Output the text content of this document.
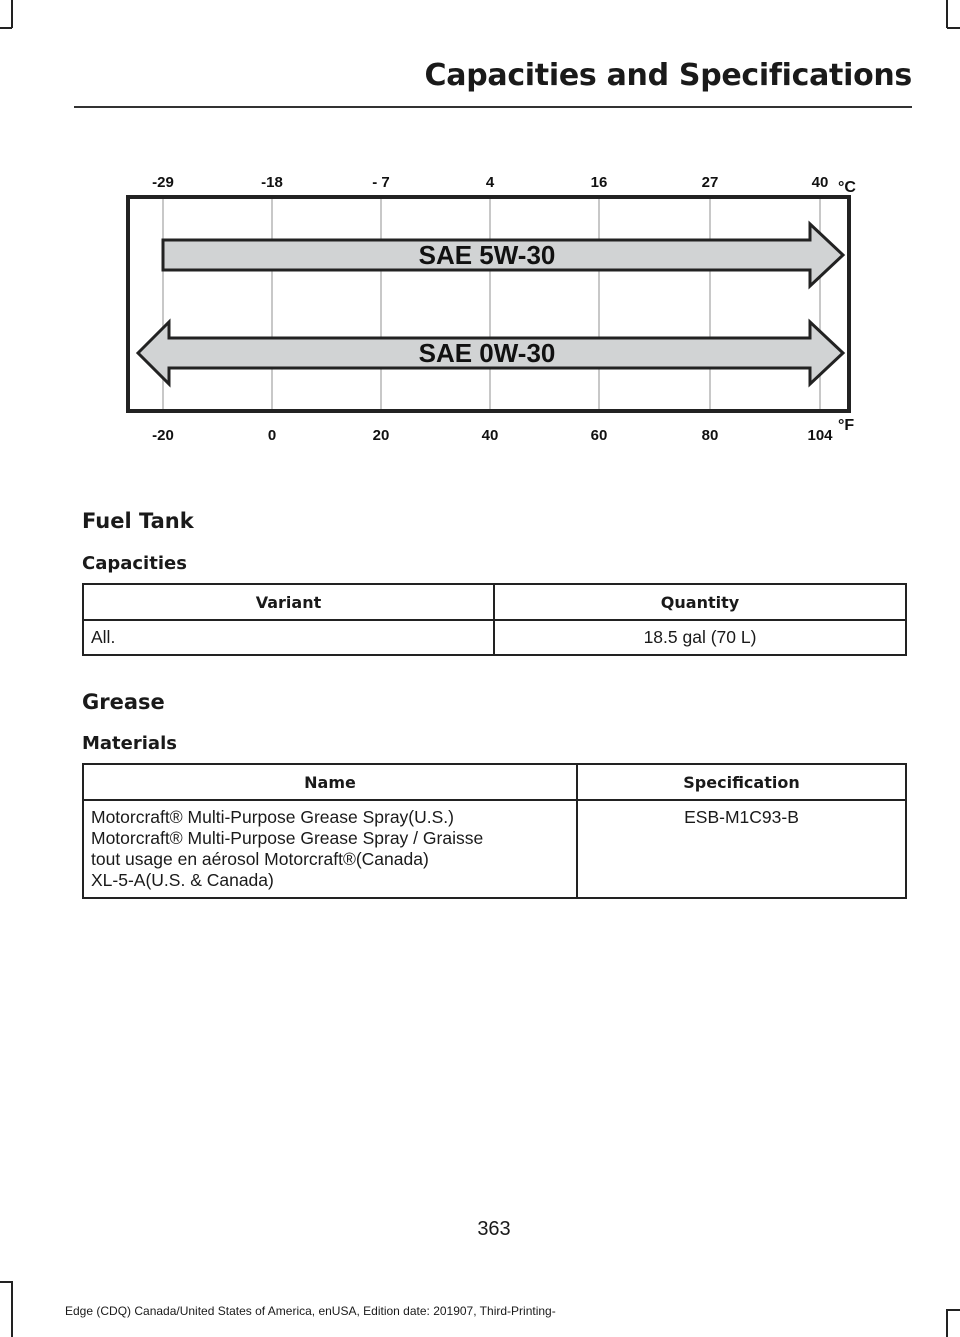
Capacities and Specifications
SAE 5W-30
SAE 0W-30
-29	-18	- 7	4	16	27	40
-20	0	20	40	60	80	104
°C
°F
Fuel Tank
Capacities
Variant	Quantity
All.	18.5 gal (70 L)
Grease
Materials
Name	Specification

Motorcraft® Multi-Purpose Grease Spray(U.S.)
Motorcraft® Multi-Purpose Grease Spray / Graisse
tout usage en aérosol Motorcraft®(Canada)
XL-5-A(U.S. & Canada)	ESB-M1C93-B
363
Edge (CDQ) Canada/United States of America, enUSA, Edition date: 201907, Third-Printing-
